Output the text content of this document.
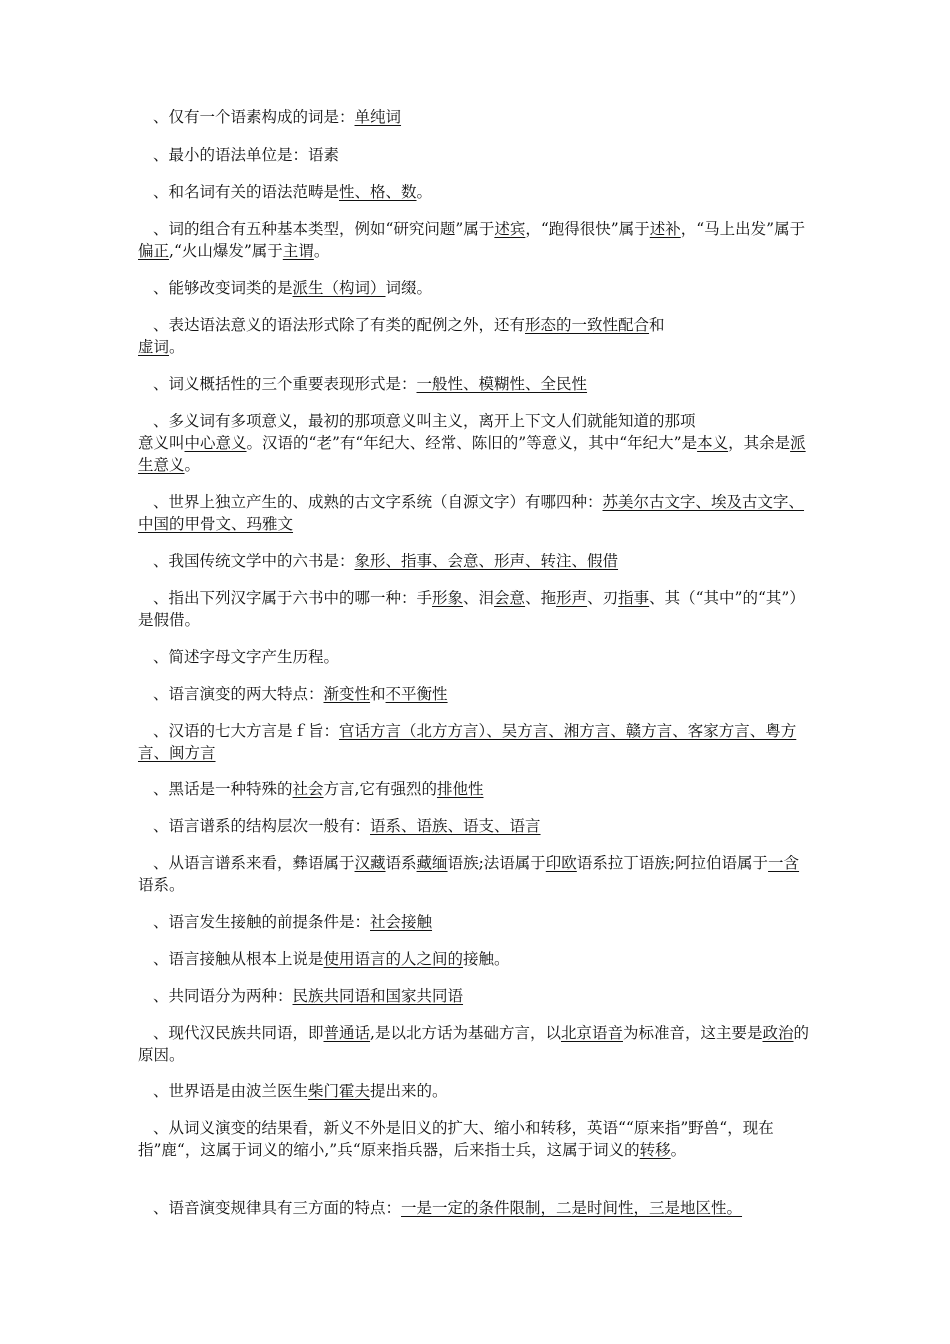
、仅有一个语素构成的词是：单纯词

、最小的语法单位是：语素

、和名词有关的语法范畴是性、格、数。

、词的组合有五种基本类型，例如“研究问题”属于述宾，“跑得很快”属于述补，“马上出发”属于偏正,“火山爆发”属于主谓。

、能够改变词类的是派生（构词）词缀。

、表达语法意义的语法形式除了有类的配例之外，还有形态的一致性配合和
虚词。

、词义概括性的三个重要表现形式是：一般性、模糊性、全民性

、多义词有多项意义，最初的那项意义叫主义，离开上下文人们就能知道的那项
意义叫中心意义。汉语的“老”有“年纪大、经常、陈旧的”等意义，其中“年纪大”是本义，其余是派生意义。

、世界上独立产生的、成熟的古文字系统（自源文字）有哪四种：苏美尔古文字、埃及古文字、中国的甲骨文、玛雅文

、我国传统文学中的六书是：象形、指事、会意、形声、转注、假借

、指出下列汉字属于六书中的哪一种：手形象、泪会意、拖形声、刃指事、其（“其中”的“其”）是假借。

、简述字母文字产生历程。

、语言演变的两大特点：渐变性和不平衡性

、汉语的七大方言是ｆ旨：官话方言（北方方言）、吴方言、湘方言、赣方言、客家方言、粤方言、闽方言

、黑话是一种特殊的社会方言,它有强烈的排他性

、语言谱系的结构层次一般有：语系、语族、语支、语言

、从语言谱系来看，彝语属于汉藏语系藏缅语族;法语属于印欧语系拉丁语族;阿拉伯语属于一含语系。

、语言发生接触的前提条件是：社会接触

、语言接触从根本上说是使用语言的人之间的接触。

、共同语分为两种：民族共同语和国家共同语

、现代汉民族共同语，即普通话,是以北方话为基础方言，以北京语音为标准音，这主要是政治的原因。

、世界语是由波兰医生柴门霍夫提出来的。

、从词义演变的结果看，新义不外是旧义的扩大、缩小和转移，英语““原来指”野兽“，现在指”鹿“，这属于词义的缩小,”兵“原来指兵器，后来指士兵，这属于词义的转移。

、语音演变规律具有三方面的特点：一是一定的条件限制，二是时间性，三是地区性。
